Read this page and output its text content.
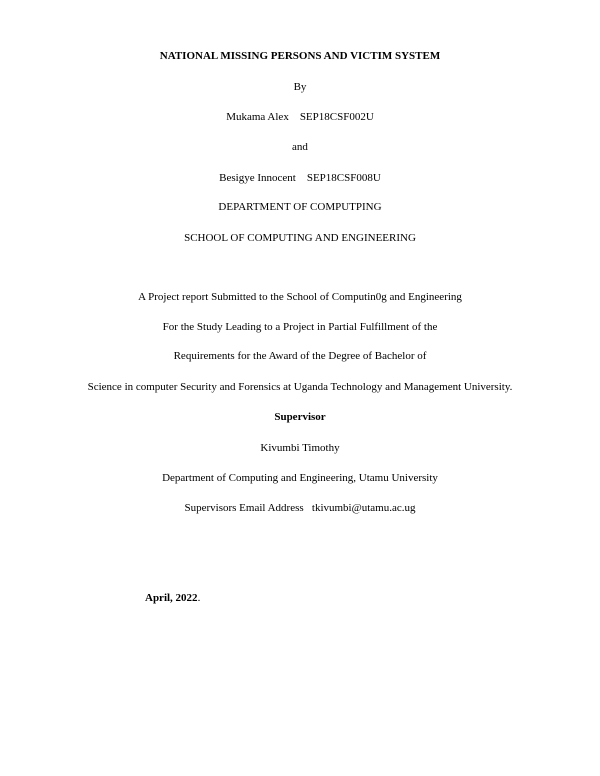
NATIONAL MISSING PERSONS AND VICTIM SYSTEM
By
Mukama Alex    SEP18CSF002U
and
Besigye Innocent    SEP18CSF008U
DEPARTMENT OF COMPUTPING
SCHOOL OF COMPUTING AND ENGINEERING
A Project report Submitted to the School of Computin0g and Engineering
For the Study Leading to a Project in Partial Fulfillment of the
Requirements for the Award of the Degree of Bachelor of
Science in computer Security and Forensics at Uganda Technology and Management University.
Supervisor
Kivumbi Timothy
Department of Computing and Engineering, Utamu University
Supervisors Email Address   tkivumbi@utamu.ac.ug
April, 2022.
